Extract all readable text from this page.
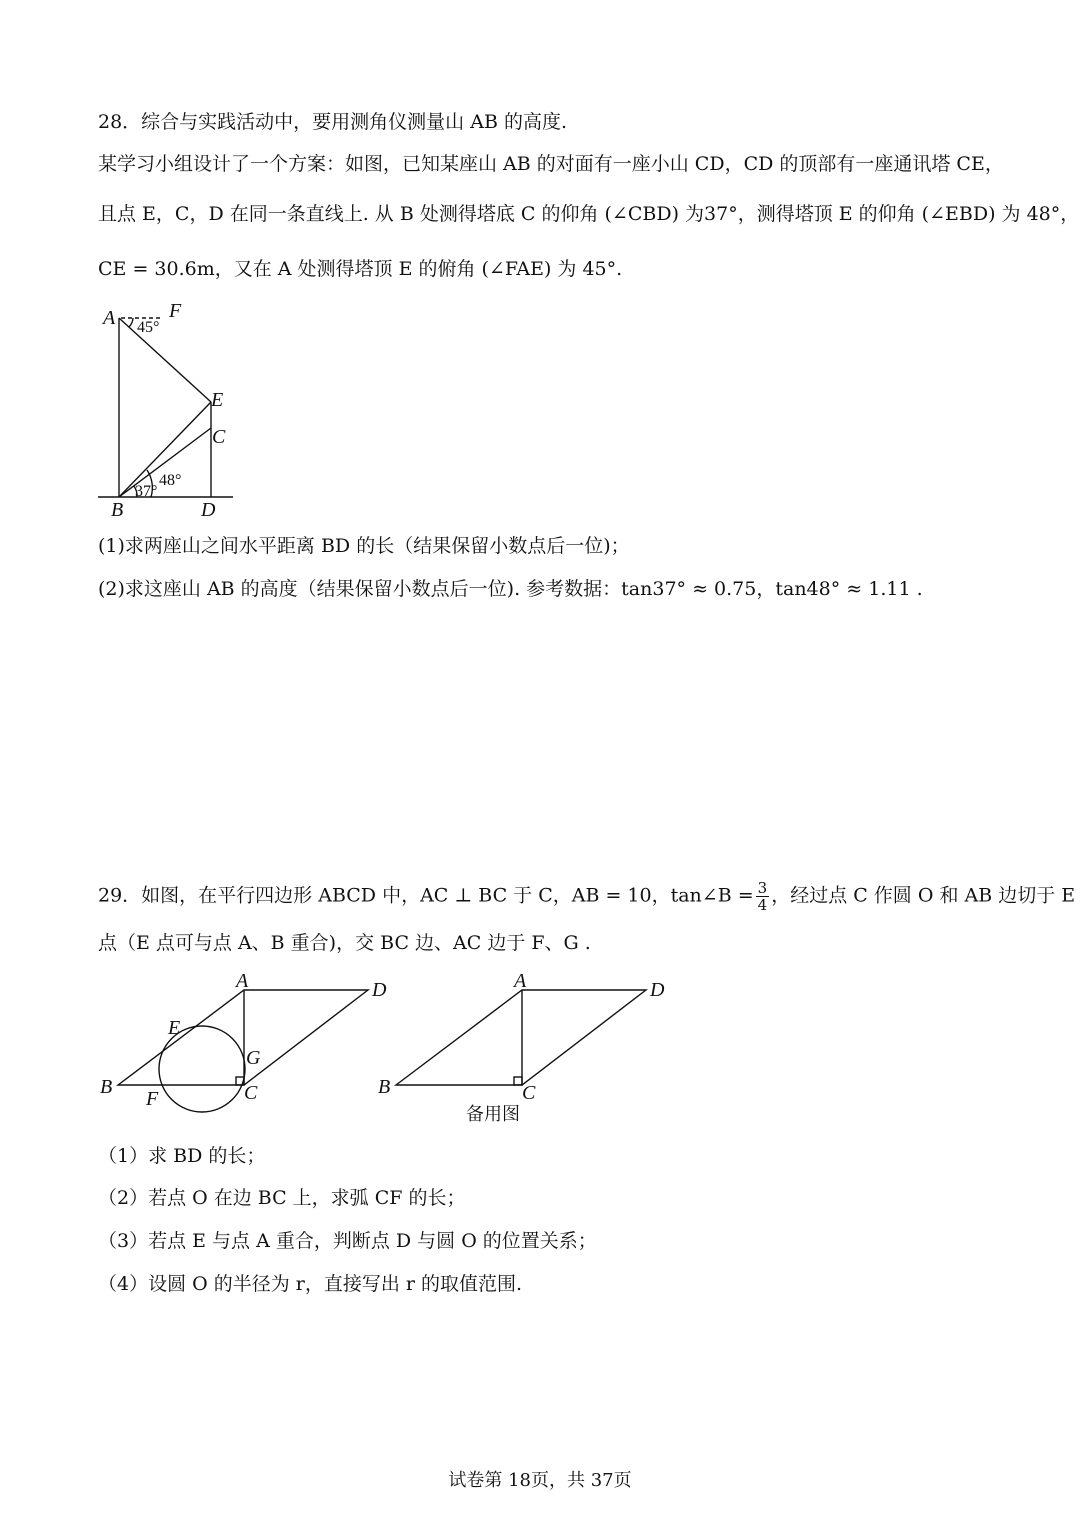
28．综合与实践活动中，要用测角仪测量山 AB 的高度.
某学习小组设计了一个方案：如图，已知某座山 AB 的对面有一座小山 CD，CD 的顶部有一座通讯塔 CE，
且点 E，C，D 在同一条直线上. 从 B 处测得塔底 C 的仰角 (∠CBD) 为37°，测得塔顶 E 的仰角 (∠EBD) 为 48°，
CE = 30.6m，又在 A 处测得塔顶 E 的俯角 (∠FAE) 为 45°.
A	F
E
C
B	D
45°
48°
37°
(1)求两座山之间水平距离 BD 的长（结果保留小数点后一位)；
(2)求这座山 AB 的高度（结果保留小数点后一位). 参考数据：tan37° ≈ 0.75，tan48° ≈ 1.11 .
29．如图，在平行四边形 ABCD 中，AC ⊥ BC 于 C，AB = 10，tan∠B = $\frac{3}{4}$ ，经过点 C 作圆 O 和 AB 边切于 E
点（E 点可与点 A、B 重合)，交 BC 边、AC 边于 F、G .
A	D
E
G
B
F	C
A	D
B	C
备用图
（1）求 BD 的长；
（2）若点 O 在边 BC 上，求弧 CF 的长；
（3）若点 E 与点 A 重合，判断点 D 与圆 O 的位置关系；
（4）设圆 O 的半径为 r，直接写出 r 的取值范围.
试卷第 18页，共 37页
